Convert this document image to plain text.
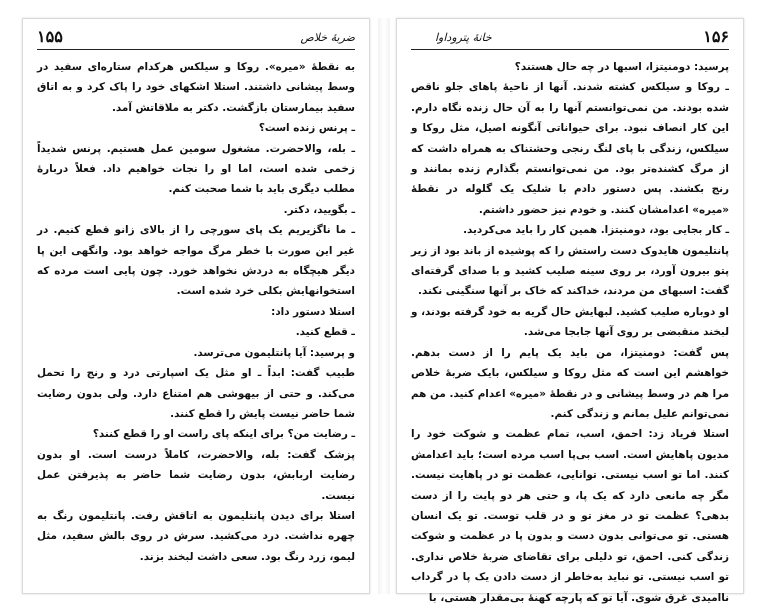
۱۵۵	ضربهٔ خلاص

به نقطهٔ «میره». روکا و سیلکس هرکدام ستاره‌ای سفید در وسط پیشانی داشتند. استلا اشکهای خود را پاک کرد و به اتاق سفید بیمارستان بازگشت. دکتر به ملاقاتش آمد.

ـ پرنس زنده است؟

ـ بله، والاحضرت. مشغول سومین عمل هستیم. پرنس شدیداً زخمی شده است، اما او را نجات خواهیم داد. فعلاً دربارهٔ مطلب دیگری باید با شما صحبت کنم.

ـ بگویید، دکتر.

ـ ما ناگزیریم یک پای سورچی را از بالای زانو قطع کنیم. در غیر این صورت با خطر مرگ مواجه خواهد بود. وانگهی این پا دیگر هیچگاه به دردش نخواهد خورد. چون پایی است مرده که استخوانهایش بکلی خرد شده است.

استلا دستور داد:

ـ قطع کنید.

و پرسید: آیا پانتلیمون می‌ترسد.

طبیب گفت: ابداً ـ او مثل یک اسپارتی درد و رنج را تحمل می‌کند. و حتی از بیهوشی هم امتناع دارد. ولی بدون رضایت شما حاضر نیست پایش را قطع کنند.

ـ رضایت من؟ برای اینکه پای راست او را قطع کنند؟

پزشک گفت: بله، والاحضرت، کاملاً درست است. او بدون رضایت اربابش، بدون رضایت شما حاضر به پذیرفتن عمل نیست.

استلا برای دیدن پانتلیمون به اتاقش رفت. پانتلیمون رنگ به چهره نداشت. درد می‌کشید. سرش در روی بالش سفید، مثل لیمو، زرد رنگ بود. سعی داشت لبخند بزند.

۱۵۶
خانهٔ پتروداوا

پرسید: دومنیتزا، اسبها در چه حال هستند؟

ـ روکا و سیلکس کشته شدند. آنها از ناحیهٔ پاهای جلو ناقص شده بودند. من نمی‌توانستم آنها را به آن حال زنده نگاه دارم. این کار انصاف نبود. برای حیواناتی آنگونه اصیل، مثل روکا و سیلکس، زندگی با پای لنگ رنجی وحشتناک به همراه داشت که از مرگ کشنده‌تر بود. من نمی‌توانستم بگذارم زنده بمانند و رنج بکشند. پس دستور دادم با شلیک یک گلوله در نقطهٔ «میره» اعدامشان کنند. و خودم نیز حضور داشتم.

ـ کار بجایی بود، دومنیتزا. همین کار را باید می‌کردید.

پانتلیمون هایدوک دست راستش را که پوشیده از باند بود از زیر پتو بیرون آورد، بر روی سینه صلیب کشید و با صدای گرفته‌ای گفت: اسبهای من مردند، خداکند که خاک بر آنها سنگینی نکند.

او دوباره صلیب کشید. لبهایش حال گریه به خود گرفته بودند، و لبخند منقبضی بر روی آنها جابجا می‌شد.

پس گفت: دومنیتزا، من باید یک پایم را از دست بدهم. خواهشم این است که مثل روکا و سیلکس، بایک ضربهٔ خلاص مرا هم در وسط پیشانی و در نقطهٔ «میره» اعدام کنید. من هم نمی‌توانم علیل بمانم و زندگی کنم.

استلا فریاد زد: احمق، اسب، تمام عظمت و شوکت خود را مدیون پاهایش است. اسب بی‌پا اسب مرده است؛ باید اعدامش کنند. اما تو اسب نیستی. توانایی، عظمت تو در پاهایت نیست. مگر چه مانعی دارد که یک پا، و حتی هر دو پایت را از دست بدهی؟ عظمت تو در مغز تو و در قلب توست. تو یک انسان هستی. تو می‌توانی بدون دست و بدون پا در عظمت و شوکت زندگی کنی. احمق، تو دلیلی برای تقاضای ضربهٔ خلاص نداری. تو اسب نیستی. تو نباید به‌خاطر از دست دادن یک پا در گرداب ناامیدی غرق شوی. آیا تو که پارچه کهنهٔ بی‌مقدار هستی، با
